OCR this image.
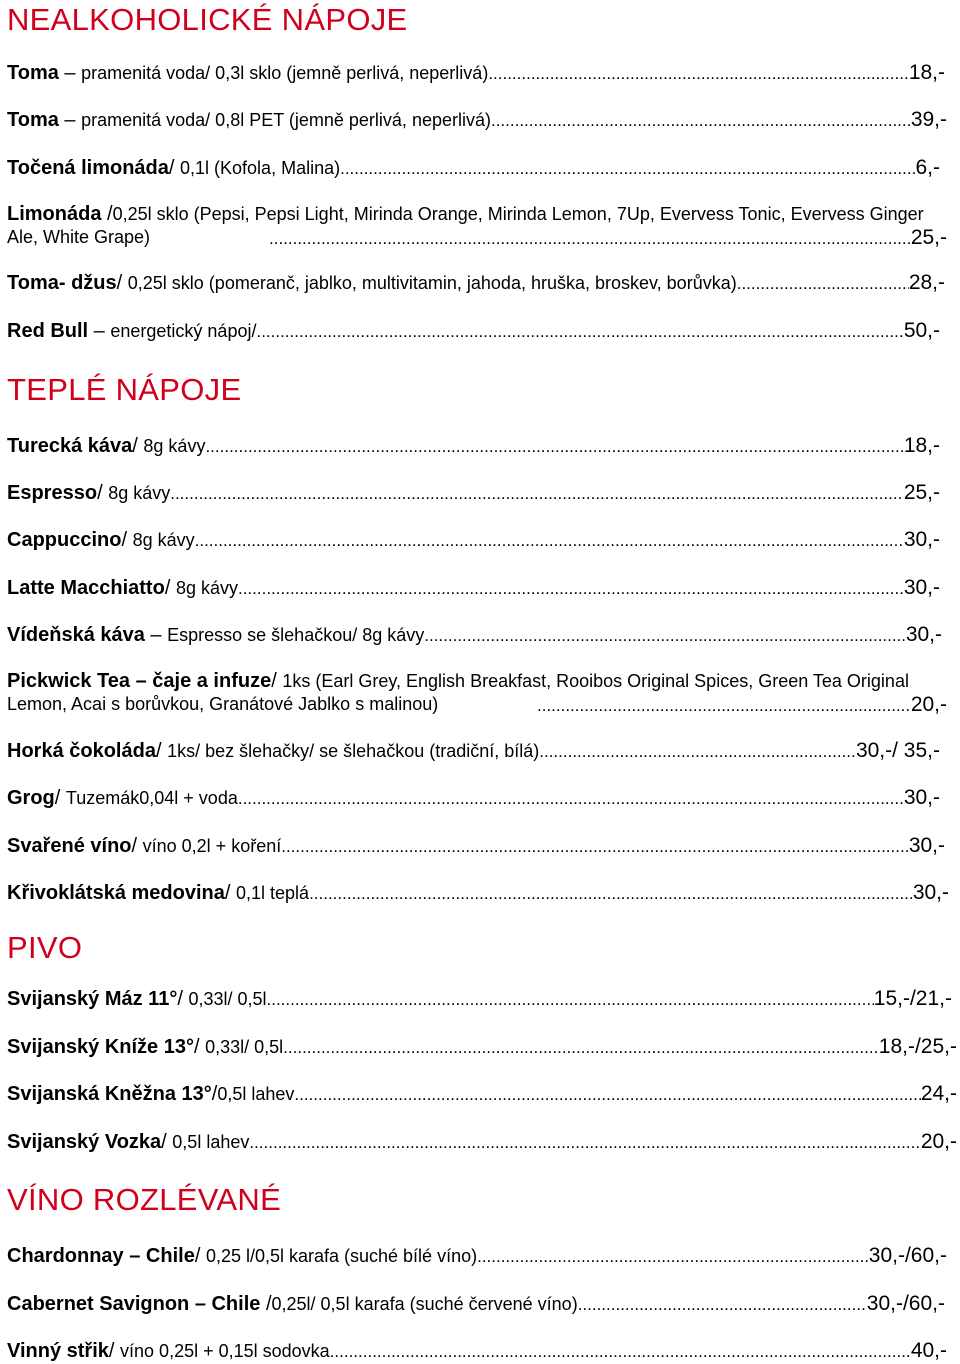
NEALKOHOLICKÉ NÁPOJE
Toma – pramenitá voda/ 0,3l sklo (jemně perlivá, neperlivá) .....	18,-
Toma – pramenitá voda/ 0,8l PET (jemně perlivá, neperlivá) .....	39,-
Točená limonáda/ 0,1l (Kofola, Malina) .....	6,-
Limonáda /0,25l sklo (Pepsi, Pepsi Light, Mirinda Orange, Mirinda Lemon, 7Up, Evervess Tonic, Evervess Ginger Ale, White Grape) .....	25,-
Toma- džus/ 0,25l sklo (pomeranč, jablko, multivitamin, jahoda, hruška, broskev, borůvka) .....	28,-
Red Bull – energetický nápoj/ .....	50,-
TEPLÉ NÁPOJE
Turecká káva/ 8g kávy .....	18,-
Espresso/ 8g kávy .....	25,-
Cappuccino/ 8g kávy .....	30,-
Latte Macchiatto/ 8g kávy .....	30,-
Vídeňská káva – Espresso se šlehačkou/ 8g kávy .....	30,-
Pickwick Tea – čaje a infuze/ 1ks (Earl Grey, English Breakfast, Rooibos Original Spices, Green Tea Original Lemon, Acai s borůvkou, Granátové Jablko s malinou) .....	20,-
Horká čokoláda/ 1ks/ bez šlehačky/ se šlehačkou (tradiční, bílá) .....	30,-/ 35,-
Grog/ Tuzemák0,04l + voda .....	30,-
Svařené víno/ víno 0,2l + koření .....	30,-
Křivoklátská medovina/ 0,1l teplá .....	30,-
PIVO
Svijanský Máz 11°/ 0,33l/ 0,5l .....	15,-/21,-
Svijanský Kníže 13°/ 0,33l/ 0,5l .....	18,-/25,-
Svijanská Kněžna 13°/0,5l lahev .....	24,-
Svijanský Vozka/ 0,5l lahev .....	20,-
VÍNO ROZLÉVANÉ
Chardonnay – Chile/ 0,25 l/0,5l karafa (suché bílé víno) .....	30,-/60,-
Cabernet Savignon – Chile /0,25l/ 0,5l karafa (suché červené víno) .....	30,-/60,-
Vinný střik/ víno 0,25l + 0,15l sodovka .....	40,-
